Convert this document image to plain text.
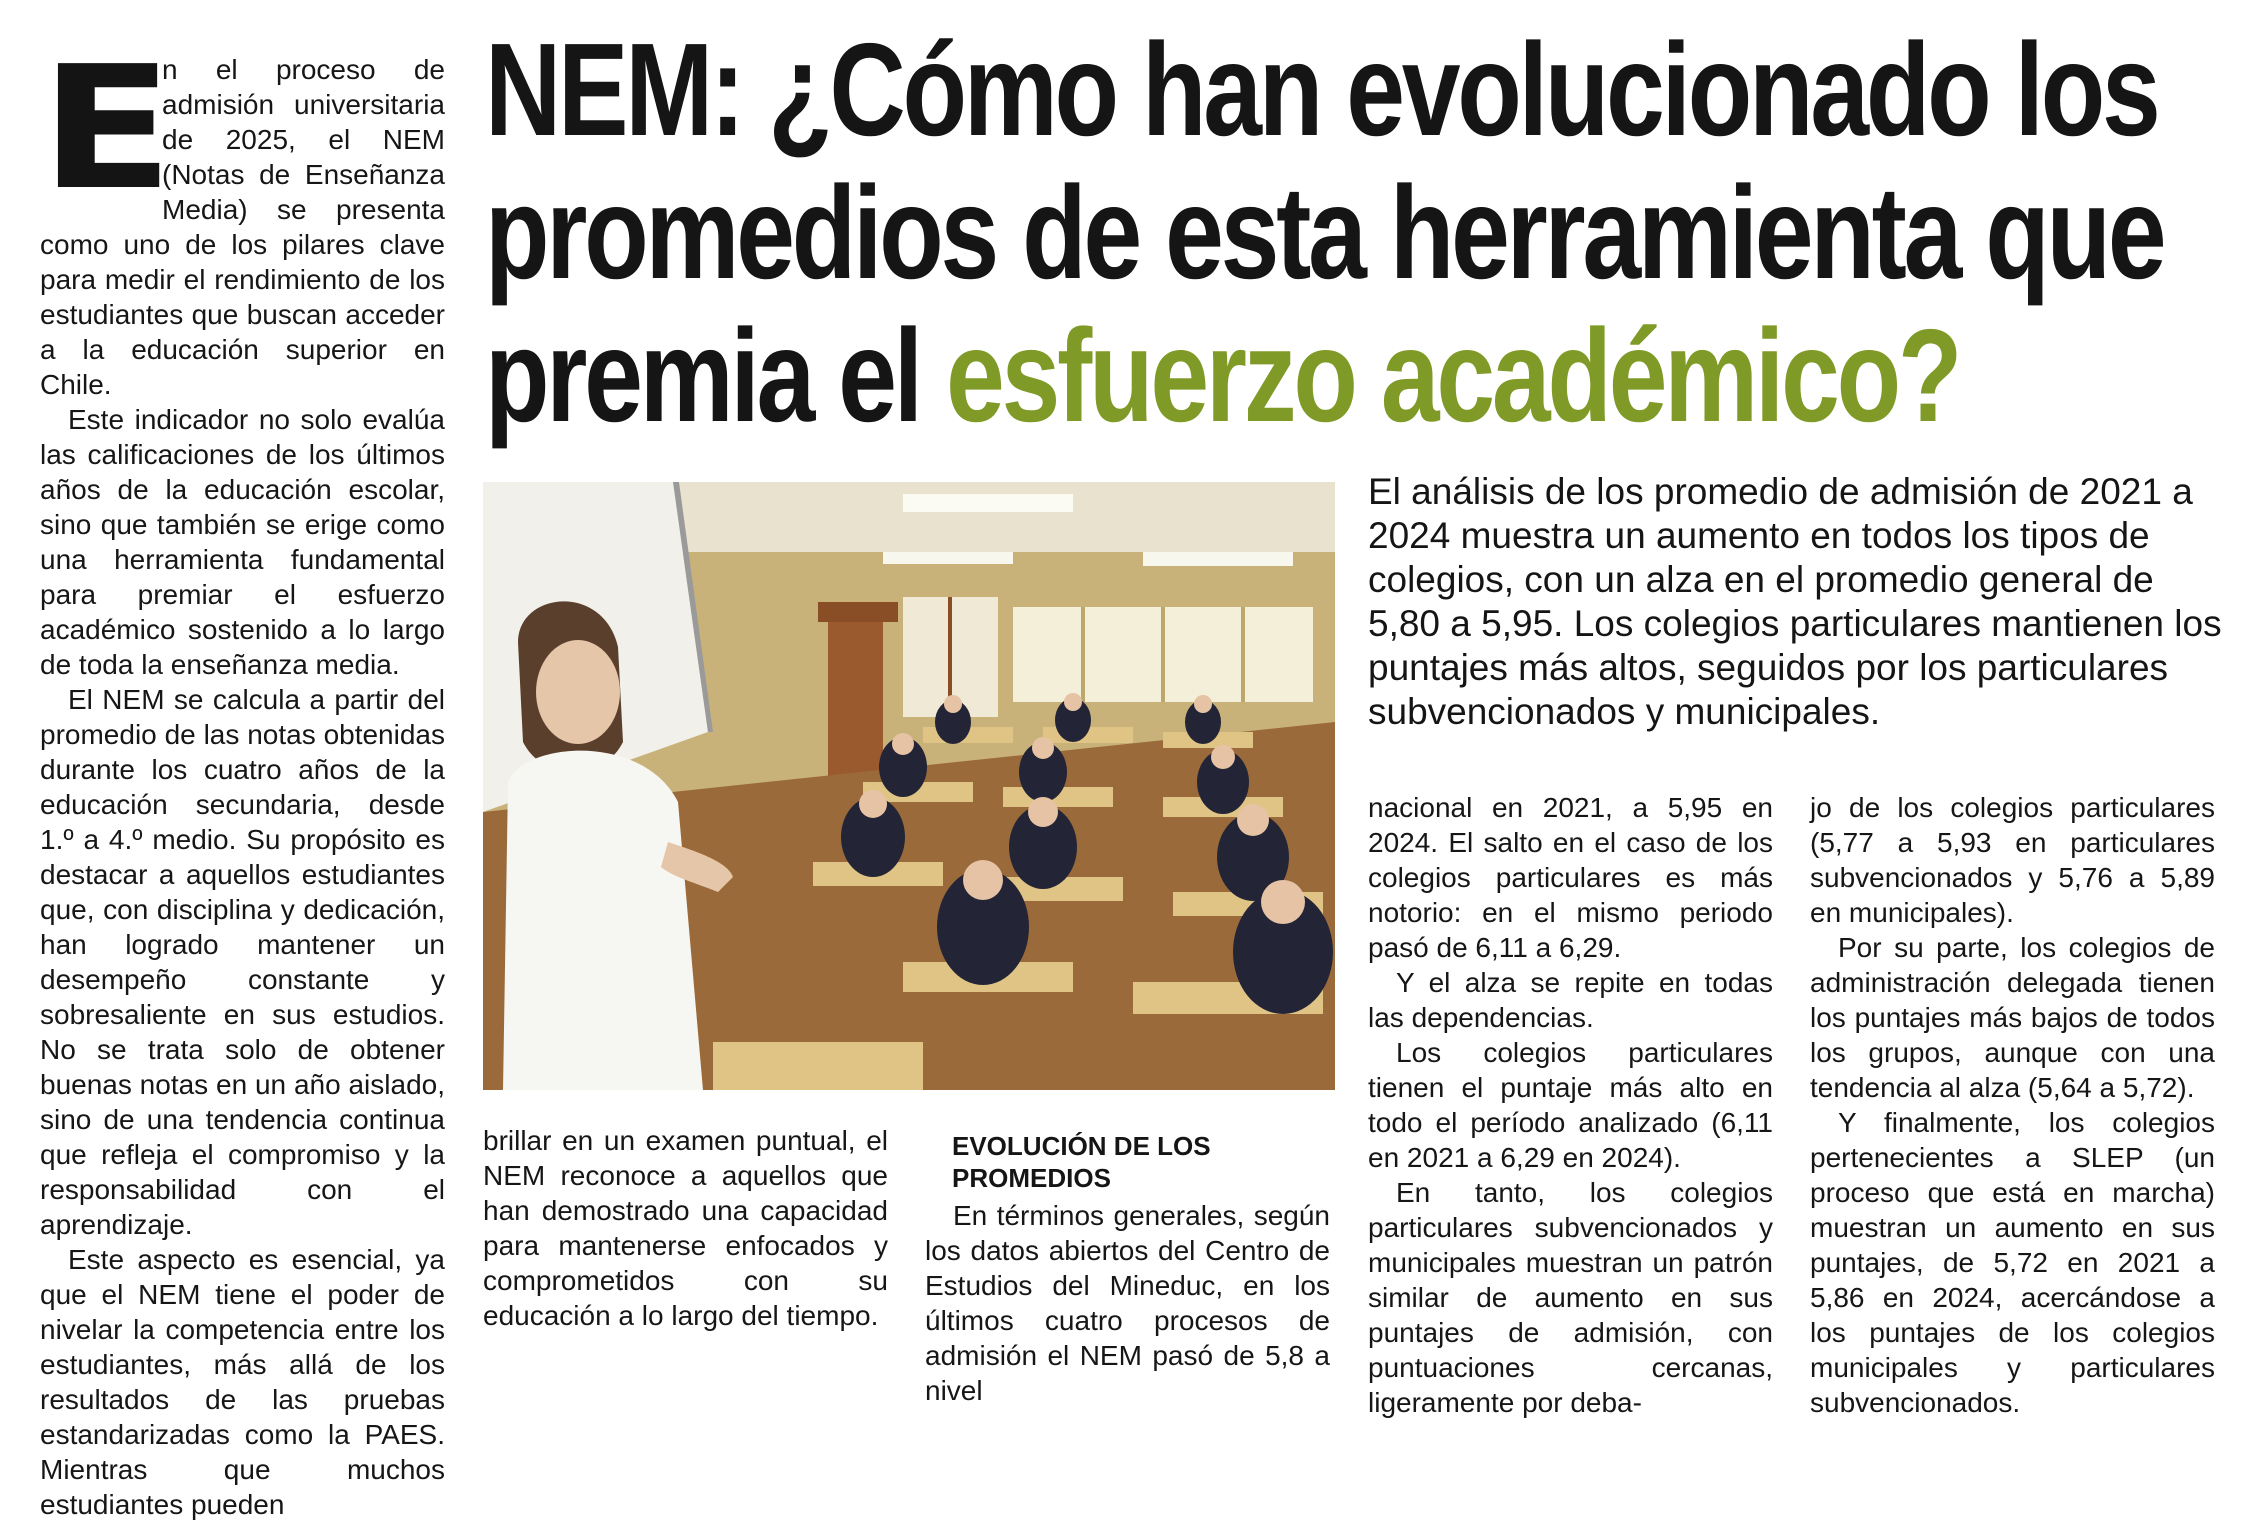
NEM: ¿Cómo han evolucionado los
promedios de esta herramienta que
premia el esfuerzo académico?
E

n el proceso de admisión universitaria de 2025, el NEM (Notas de Enseñanza Media) se presenta como uno de los pilares clave para medir el rendimiento de los estudiantes que buscan acceder a la educación superior en Chile.

Este indicador no solo evalúa las calificaciones de los últimos años de la educación escolar, sino que también se erige como una herramienta fundamental para premiar el esfuerzo académico sostenido a lo largo de toda la enseñanza media.

El NEM se calcula a partir del promedio de las notas obtenidas durante los cuatro años de la educación secundaria, desde 1.º a 4.º medio. Su propósito es destacar a aquellos estudiantes que, con disciplina y dedicación, han logrado mantener un desempeño constante y sobresaliente en sus estudios. No se trata solo de obtener buenas notas en un año aislado, sino de una tendencia continua que refleja el compromiso y la responsabilidad con el aprendizaje.

Este aspecto es esencial, ya que el NEM tiene el poder de nivelar la competencia entre los estudiantes, más allá de los resultados de las pruebas estandarizadas como la PAES. Mientras que muchos estudiantes pueden

El análisis de los promedio de admisión de 2021 a 2024 muestra un aumento en todos los tipos de colegios, con un alza en el promedio general de 5,80 a 5,95. Los colegios particulares mantienen los puntajes más altos, seguidos por los particulares subvencionados y municipales.

brillar en un examen puntual, el NEM reconoce a aquellos que han demostrado una capacidad para mantenerse enfocados y comprometidos con su educación a lo largo del tiempo.

EVOLUCIÓN DE LOS PROMEDIOS

En términos generales, según los datos abiertos del Centro de Estudios del Mineduc, en los últimos cuatro procesos de admisión el NEM pasó de 5,8 a nivel

nacional en 2021, a 5,95 en 2024. El salto en el caso de los colegios particulares es más notorio: en el mismo periodo pasó de 6,11 a 6,29.

Y el alza se repite en todas las dependencias.

Los colegios particulares tienen el puntaje más alto en todo el período analizado (6,11 en 2021 a 6,29 en 2024).

En tanto, los colegios particulares subvencionados y municipales muestran un patrón similar de aumento en sus puntajes de admisión, con puntuaciones cercanas, ligeramente por deba-

jo de los colegios particulares (5,77 a 5,93 en particulares subvencionados y 5,76 a 5,89 en municipales).

Por su parte, los colegios de administración delegada tienen los puntajes más bajos de todos los grupos, aunque con una tendencia al alza (5,64 a 5,72).

Y finalmente, los colegios pertenecientes a SLEP (un proceso que está en marcha) muestran un aumento en sus puntajes, de 5,72 en 2021 a 5,86 en 2024, acercándose a los puntajes de los colegios municipales y particulares subvencionados.
